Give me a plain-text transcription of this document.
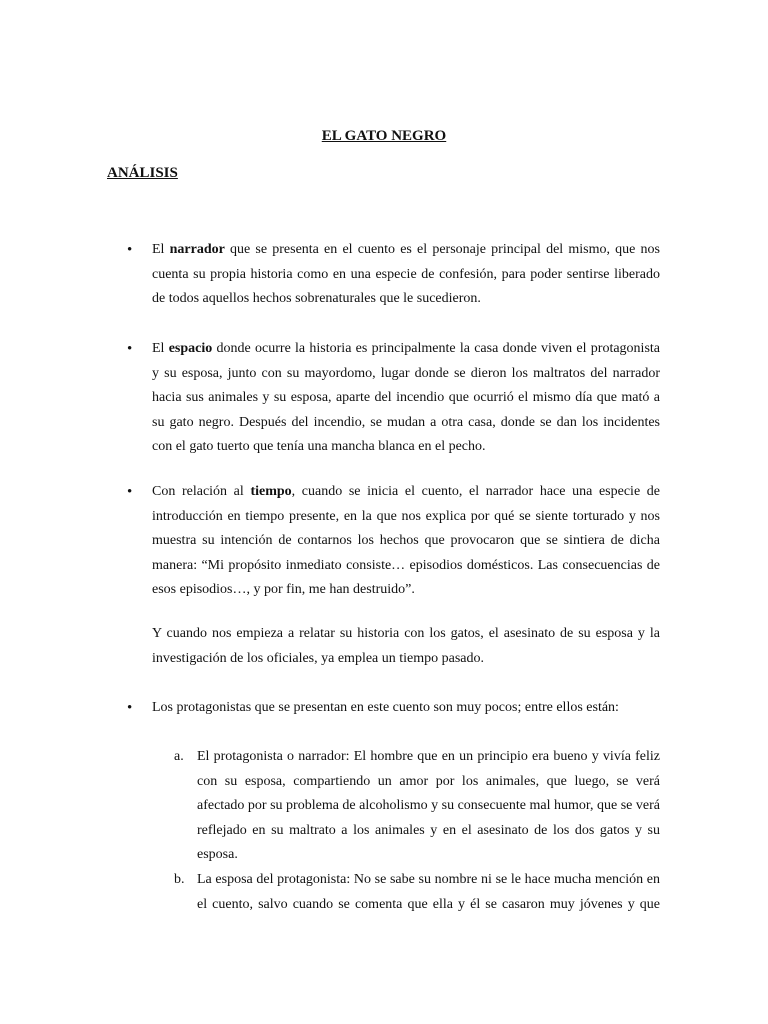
EL GATO NEGRO
ANÁLISIS
• El narrador que se presenta en el cuento es el personaje principal del mismo, que nos cuenta su propia historia como en una especie de confesión, para poder sentirse liberado de todos aquellos hechos sobrenaturales que le sucedieron.

• El espacio donde ocurre la historia es principalmente la casa donde viven el protagonista y su esposa, junto con su mayordomo, lugar donde se dieron los maltratos del narrador hacia sus animales y su esposa, aparte del incendio que ocurrió el mismo día que mató a su gato negro. Después del incendio, se mudan a otra casa, donde se dan los incidentes con el gato tuerto que tenía una mancha blanca en el pecho.

• Con relación al tiempo, cuando se inicia el cuento, el narrador hace una especie de introducción en tiempo presente, en la que nos explica por qué se siente torturado y nos muestra su intención de contarnos los hechos que provocaron que se sintiera de dicha manera: “Mi propósito inmediato consiste… episodios domésticos. Las consecuencias de esos episodios…, y por fin, me han destruido”.

Y cuando nos empieza a relatar su historia con los gatos, el asesinato de su esposa y la investigación de los oficiales, ya emplea un tiempo pasado.

• Los protagonistas que se presentan en este cuento son muy pocos; entre ellos están:

a. El protagonista o narrador: El hombre que en un principio era bueno y vivía feliz con su esposa, compartiendo un amor por los animales, que luego, se verá afectado por su problema de alcoholismo y su consecuente mal humor, que se verá reflejado en su maltrato a los animales y en el asesinato de los dos gatos y su esposa.

b. La esposa del protagonista: No se sabe su nombre ni se le hace mucha mención en el cuento, salvo cuando se comenta que ella y él se casaron muy jóvenes y que
